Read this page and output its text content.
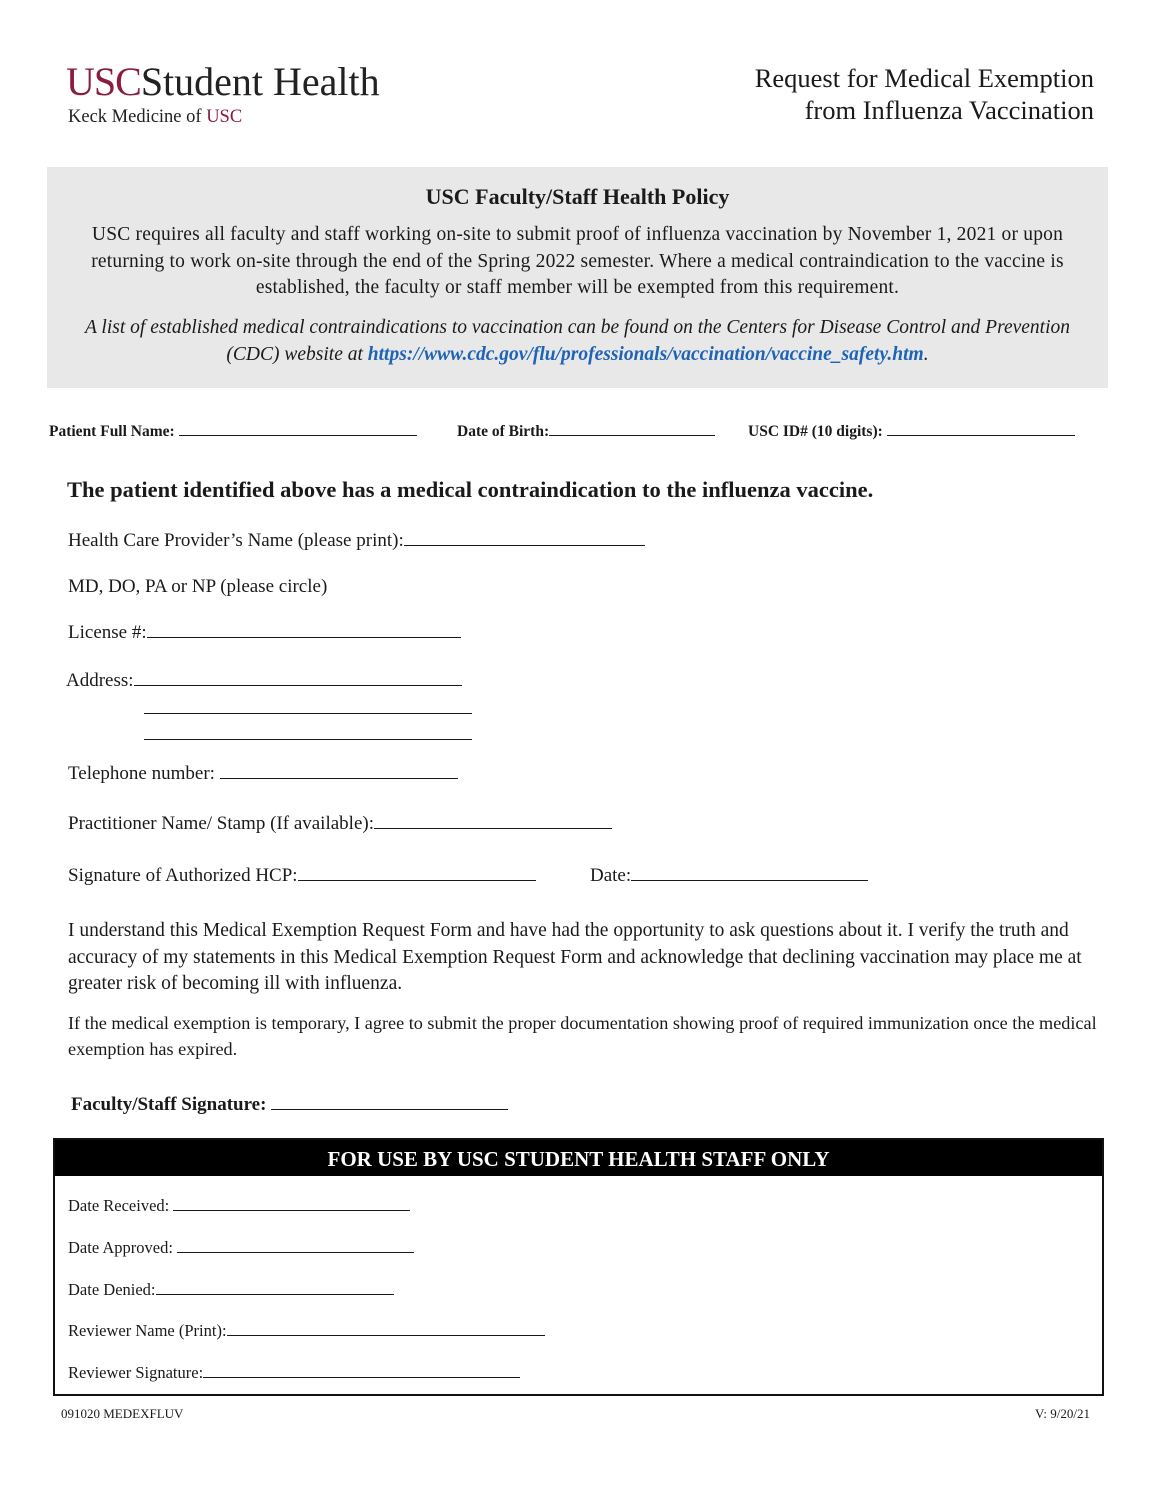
USCStudent Health
Keck Medicine of USC
Request for Medical Exemption
from Influenza Vaccination
USC Faculty/Staff Health Policy
USC requires all faculty and staff working on-site to submit proof of influenza vaccination by November 1, 2021 or upon returning to work on-site through the end of the Spring 2022 semester. Where a medical contraindication to the vaccine is established, the faculty or staff member will be exempted from this requirement.
A list of established medical contraindications to vaccination can be found on the Centers for Disease Control and Prevention (CDC) website at https://www.cdc.gov/flu/professionals/vaccination/vaccine_safety.htm.
Patient Full Name:	Date of Birth:	USC ID# (10 digits):
The patient identified above has a medical contraindication to the influenza vaccine.
Health Care Provider’s Name (please print):
MD, DO, PA or NP (please circle)
License #:
Address:
Telephone number:
Practitioner Name/ Stamp (If available):
Signature of Authorized HCP:	Date:
I understand this Medical Exemption Request Form and have had the opportunity to ask questions about it. I verify the truth and accuracy of my statements in this Medical Exemption Request Form and acknowledge that declining vaccination may place me at greater risk of becoming ill with influenza.
If the medical exemption is temporary, I agree to submit the proper documentation showing proof of required immunization once the medical exemption has expired.
Faculty/Staff Signature:
FOR USE BY USC STUDENT HEALTH STAFF ONLY
Date Received:
Date Approved:
Date Denied:
Reviewer Name (Print):
Reviewer Signature:
091020 MEDEXFLUV	V: 9/20/21
